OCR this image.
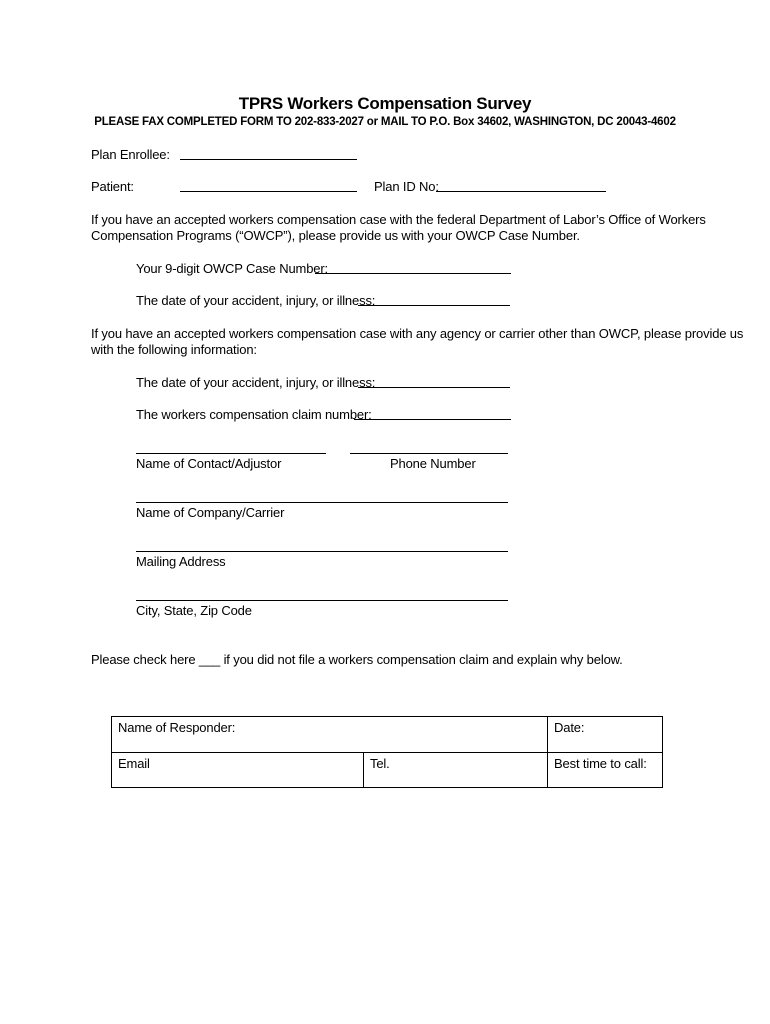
TPRS Workers Compensation Survey
PLEASE FAX COMPLETED FORM TO 202-833-2027 or MAIL TO P.O. Box 34602, WASHINGTON, DC 20043-4602
Plan Enrollee:
Patient:	Plan ID No:
If you have an accepted workers compensation case with the federal Department of Labor’s Office of Workers
Compensation Programs (“OWCP”), please provide us with your OWCP Case Number.
Your 9-digit OWCP Case Number:
The date of your accident, injury, or illness:
If you have an accepted workers compensation case with any agency or carrier other than OWCP, please provide us
with the following information:
The date of your accident, injury, or illness:
The workers compensation claim number:
Name of Contact/Adjustor	Phone Number
Name of Company/Carrier
Mailing Address
City, State, Zip Code
Please check here ___ if you did not file a workers compensation claim and explain why below.
Name of Responder:		Date:
Email	Tel.	Best time to call:
